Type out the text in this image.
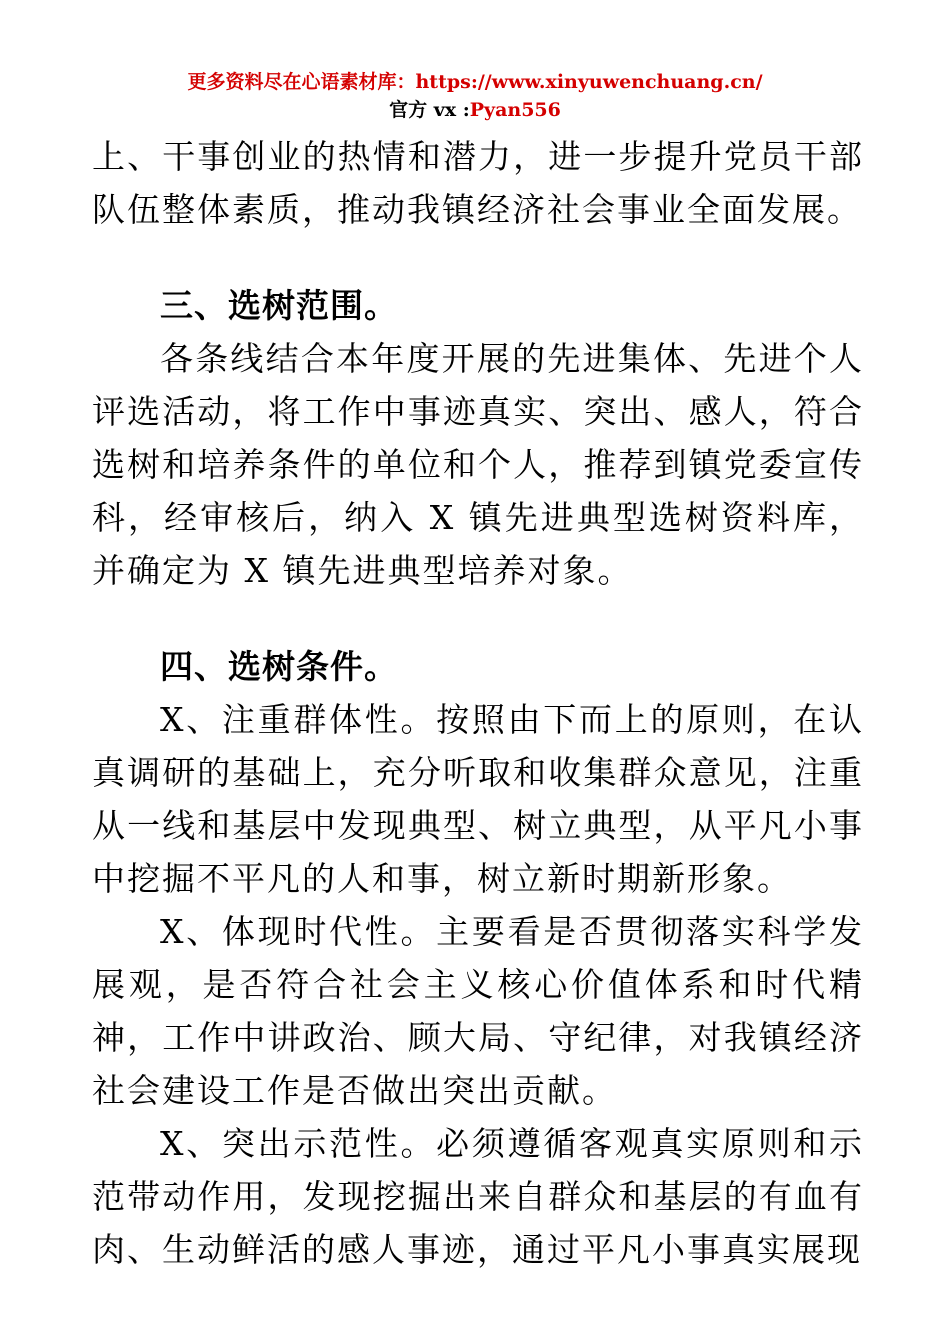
更多资料尽在心语素材库：https://www.xinyuwenchuang.cn/
官方 vx :Pyan556

上、干事创业的热情和潜力，进一步提升党员干部队伍整体素质，推动我镇经济社会事业全面发展。

三、选树范围。

各条线结合本年度开展的先进集体、先进个人评选活动，将工作中事迹真实、突出、感人，符合选树和培养条件的单位和个人，推荐到镇党委宣传科，经审核后，纳入 X 镇先进典型选树资料库，并确定为 X 镇先进典型培养对象。

四、选树条件。

X、注重群体性。按照由下而上的原则，在认真调研的基础上，充分听取和收集群众意见，注重从一线和基层中发现典型、树立典型，从平凡小事中挖掘不平凡的人和事，树立新时期新形象。

X、体现时代性。主要看是否贯彻落实科学发展观，是否符合社会主义核心价值体系和时代精神，工作中讲政治、顾大局、守纪律，对我镇经济社会建设工作是否做出突出贡献。

X、突出示范性。必须遵循客观真实原则和示范带动作用，发现挖掘出来自群众和基层的有血有肉、生动鲜活的感人事迹，通过平凡小事真实展现
